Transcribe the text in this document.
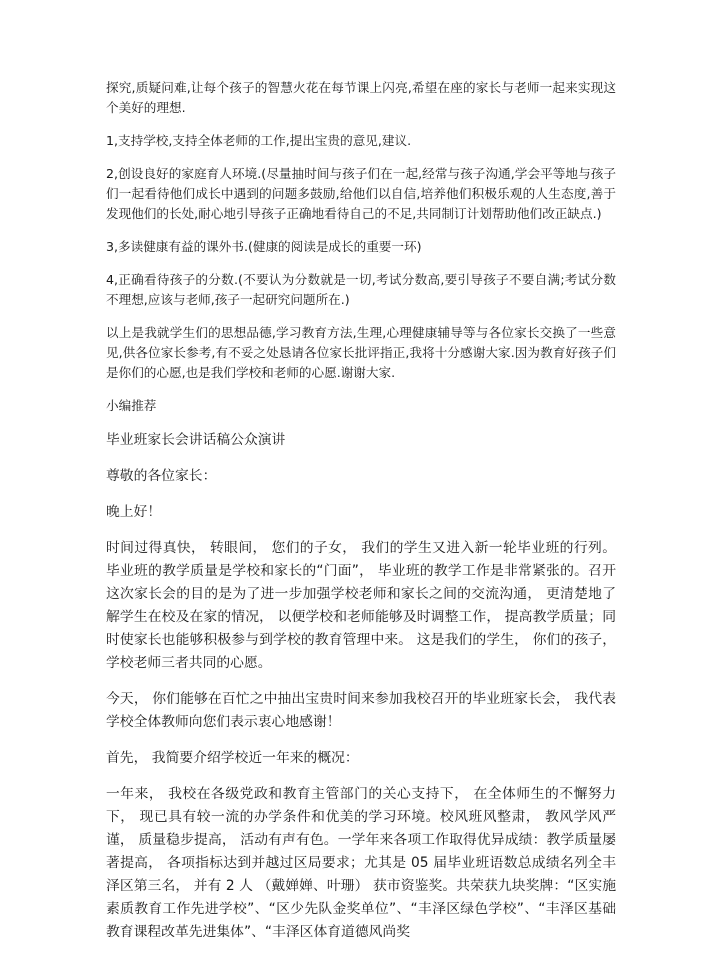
探究,质疑问难,让每个孩子的智慧火花在每节课上闪亮,希望在座的家长与老师一起来实现这个美好的理想.

1,支持学校,支持全体老师的工作,提出宝贵的意见,建议.

2,创设良好的家庭育人环境.(尽量抽时间与孩子们在一起,经常与孩子沟通,学会平等地与孩子们一起看待他们成长中遇到的问题多鼓励,给他们以自信,培养他们积极乐观的人生态度,善于发现他们的长处,耐心地引导孩子正确地看待自己的不足,共同制订计划帮助他们改正缺点.)

3,多读健康有益的课外书.(健康的阅读是成长的重要一环)

4,正确看待孩子的分数.(不要认为分数就是一切,考试分数高,要引导孩子不要自满;考试分数不理想,应该与老师,孩子一起研究问题所在.)

以上是我就学生们的思想品德,学习教育方法,生理,心理健康辅导等与各位家长交换了一些意见,供各位家长参考,有不妥之处恳请各位家长批评指正,我将十分感谢大家.因为教育好孩子们是你们的心愿,也是我们学校和老师的心愿.谢谢大家.

小编推荐

毕业班家长会讲话稿公众演讲

尊敬的各位家长：

晚上好！

时间过得真快， 转眼间， 您们的子女， 我们的学生又进入新一轮毕业班的行列。 毕业班的教学质量是学校和家长的“门面”， 毕业班的教学工作是非常紧张的。召开这次家长会的目的是为了进一步加强学校老师和家长之间的交流沟通， 更清楚地了解学生在校及在家的情况， 以便学校和老师能够及时调整工作， 提高教学质量；同时使家长也能够积极参与到学校的教育管理中来。 这是我们的学生， 你们的孩子， 学校老师三者共同的心愿。

今天， 你们能够在百忙之中抽出宝贵时间来参加我校召开的毕业班家长会， 我代表学校全体教师向您们表示衷心地感谢！

首先， 我简要介绍学校近一年来的概况：

一年来， 我校在各级党政和教育主管部门的关心支持下， 在全体师生的不懈努力下， 现已具有较一流的办学条件和优美的学习环境。校风班风整肃， 教风学风严谨， 质量稳步提高， 活动有声有色。一学年来各项工作取得优异成绩：教学质量屡著提高， 各项指标达到并越过区局要求；尤其是 05 届毕业班语数总成绩名列全丰泽区第三名， 并有 2 人 （戴婵婵、叶珊） 获市资鉴奖。共荣获九块奖牌：“区实施素质教育工作先进学校”、“区少先队金奖单位”、“丰泽区绿色学校”、“丰泽区基础教育课程改革先进集体”、“丰泽区体育道德风尚奖
